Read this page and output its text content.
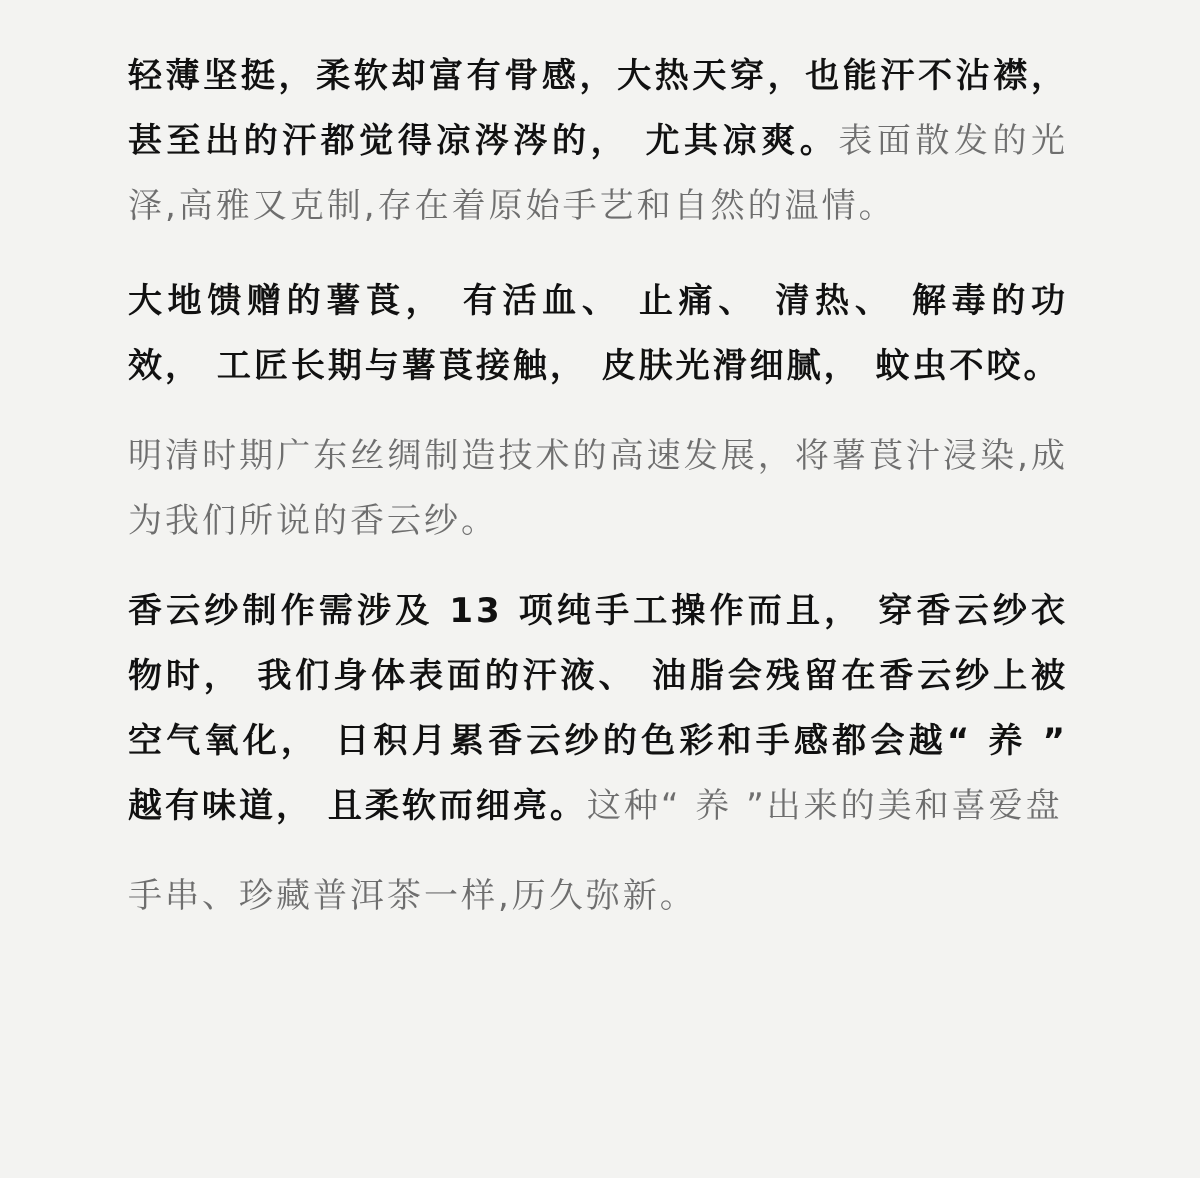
轻薄坚挺，柔软却富有骨感，大热天穿，也能汗不沾襟， 甚至出的汗都觉得凉涔涔的， 尤其凉爽。表面散发的光泽,高雅又克制,存在着原始手艺和自然的温情。

大地馈赠的薯莨， 有活血、 止痛、 清热、 解毒的功效， 工匠长期与薯莨接触， 皮肤光滑细腻， 蚊虫不咬。

明清时期广东丝绸制造技术的高速发展，将薯莨汁浸染,成为我们所说的香云纱。

香云纱制作需涉及 13 项纯手工操作而且， 穿香云纱衣物时， 我们身体表面的汗液、 油脂会残留在香云纱上被空气氧化， 日积月累香云纱的色彩和手感都会越“ 养 ” 越有味道， 且柔软而细亮。这种“ 养 ”出来的美和喜爱盘

手串、珍藏普洱茶一样,历久弥新。
